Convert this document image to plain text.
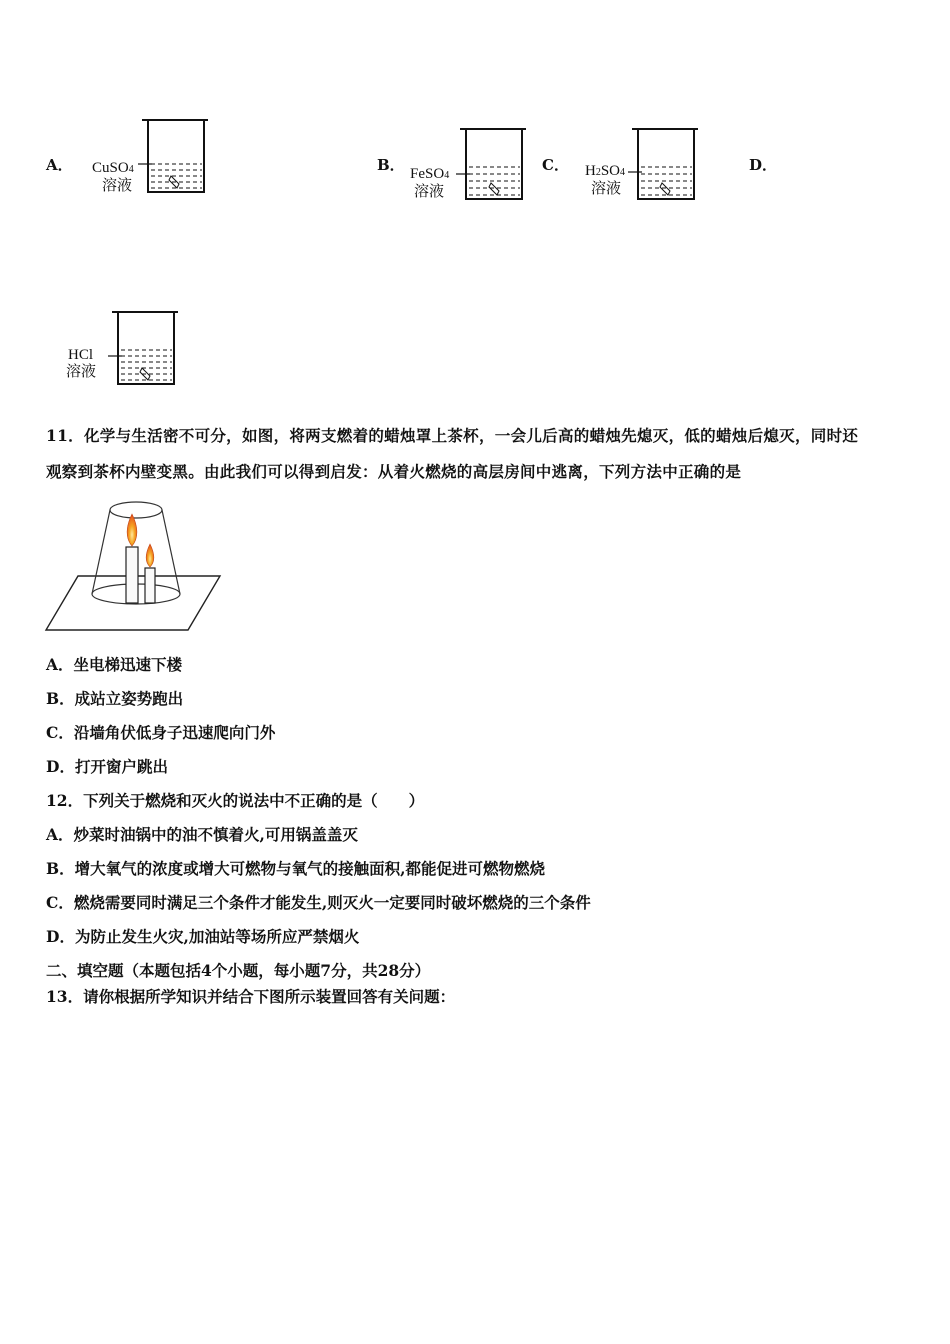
A． CuSO4
溶液
B． FeSO4
溶液
C． H2SO4
溶液
D．
HCl
溶液
11．化学与生活密不可分，如图，将两支燃着的蜡烛罩上茶杯，一会儿后高的蜡烛先熄灭，低的蜡烛后熄灭，同时还
观察到茶杯内壁变黑。由此我们可以得到启发：从着火燃烧的高层房间中逃离，下列方法中正确的是
A．坐电梯迅速下楼
B．成站立姿势跑出
C．沿墙角伏低身子迅速爬向门外
D．打开窗户跳出
12．下列关于燃烧和灭火的说法中不正确的是（　　）
A．炒菜时油锅中的油不慎着火,可用锅盖盖灭
B．增大氧气的浓度或增大可燃物与氧气的接触面积,都能促进可燃物燃烧
C．燃烧需要同时满足三个条件才能发生,则灭火一定要同时破坏燃烧的三个条件
D．为防止发生火灾,加油站等场所应严禁烟火
二、填空题（本题包括4个小题，每小题7分，共28分）
13．请你根据所学知识并结合下图所示装置回答有关问题：
